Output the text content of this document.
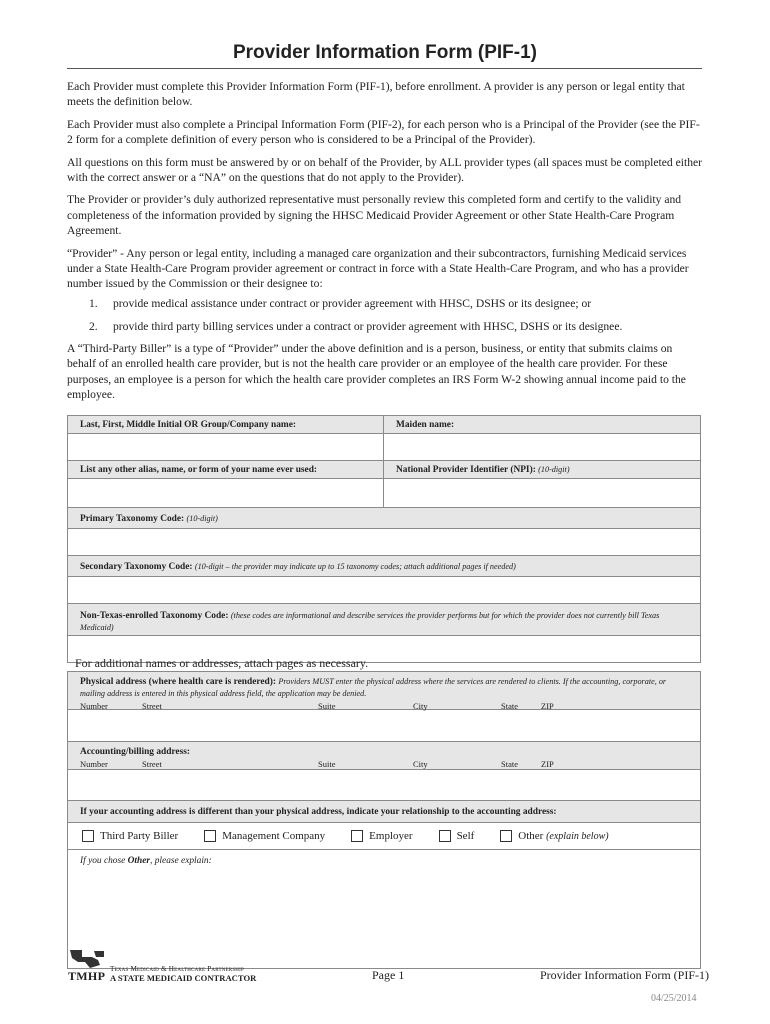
Provider Information Form (PIF-1)

Each Provider must complete this Provider Information Form (PIF-1), before enrollment. A provider is any person or legal entity that meets the definition below.

Each Provider must also complete a Principal Information Form (PIF-2), for each person who is a Principal of the Provider (see the PIF-2 form for a complete definition of every person who is considered to be a Principal of the Provider).

All questions on this form must be answered by or on behalf of the Provider, by ALL provider types (all spaces must be completed either with the correct answer or a “NA” on the questions that do not apply to the Provider).

The Provider or provider’s duly authorized representative must personally review this completed form and certify to the validity and completeness of the information provided by signing the HHSC Medicaid Provider Agreement or other State Health-Care Program Agreement.

“Provider” - Any person or legal entity, including a managed care organization and their subcontractors, furnishing Medicaid services under a State Health-Care Program provider agreement or contract in force with a State Health-Care Program, and who has a provider number issued by the Commission or their designee to:

1. provide medical assistance under contract or provider agreement with HHSC, DSHS or its designee; or
2. provide third party billing services under a contract or provider agreement with HHSC, DSHS or its designee.

A “Third-Party Biller” is a type of “Provider” under the above definition and is a person, business, or entity that submits claims on behalf of an enrolled health care provider, but is not the health care provider or an employee of the health care provider. For these purposes, an employee is a person for which the health care provider completes an IRS Form W-2 showing annual income paid to the employee.

Last, First, Middle Initial OR Group/Company name:	Maiden name:
List any other alias, name, or form of your name ever used:	National Provider Identifier (NPI): (10-digit)
Primary Taxonomy Code: (10-digit)
Secondary Taxonomy Code: (10-digit – the provider may indicate up to 15 taxonomy codes; attach additional pages if needed)
Non-Texas-enrolled Taxonomy Code: (these codes are informational and describe services the provider performs but for which the provider does not currently bill Texas Medicaid)
For additional names or addresses, attach pages as necessary.
Physical address (where health care is rendered): Providers MUST enter the physical address where the services are rendered to clients. If the accounting, corporate, or mailing address is entered in this physical address field, the application may be denied.
Number	Street	Suite	City	State	ZIP
Accounting/billing address:
Number	Street	Suite	City	State	ZIP
If your accounting address is different than your physical address, indicate your relationship to the accounting address:
Third Party Biller	Management Company	Employer	Self	Other
(explain below)
If you chose Other, please explain:
TMHP Texas Medicaid & Healthcare Partnership
A STATE MEDICAID CONTRACTOR	Page 1	Provider Information Form (PIF-1)
04/25/2014
